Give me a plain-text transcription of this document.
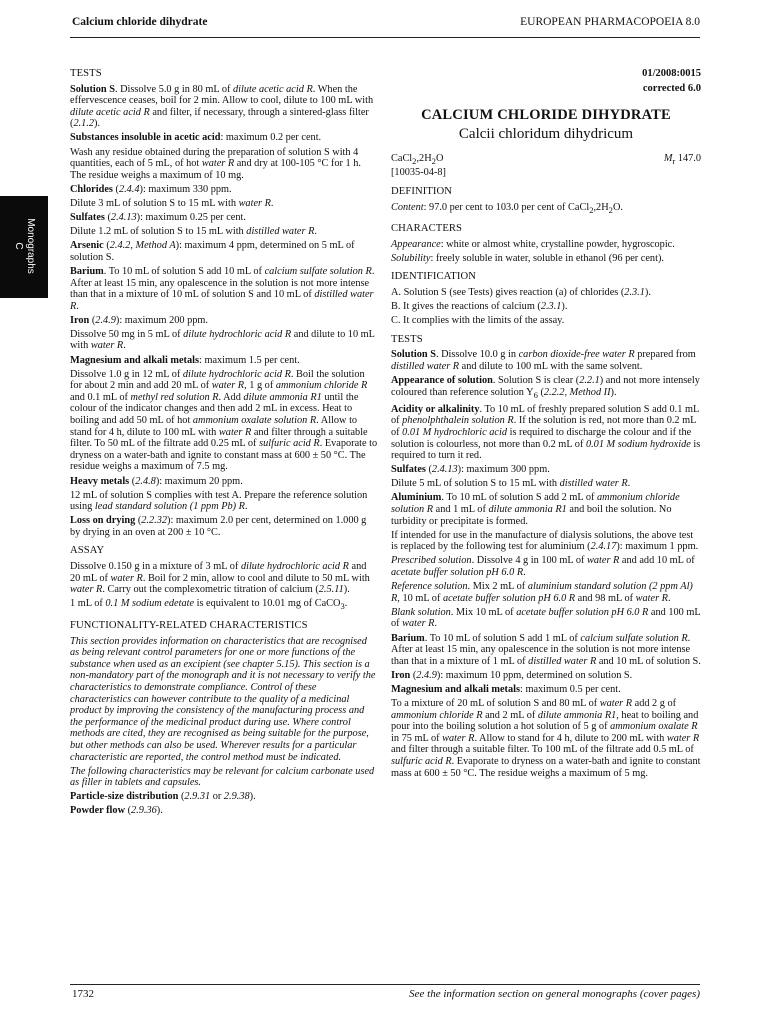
Calcium chloride dihydrate	EUROPEAN PHARMACOPOEIA 8.0
Monographs
C
TESTS

Solution S. Dissolve 5.0 g in 80 mL of dilute acetic acid R. When the effervescence ceases, boil for 2 min. Allow to cool, dilute to 100 mL with dilute acetic acid R and filter, if necessary, through a sintered-glass filter (2.1.2).

Substances insoluble in acetic acid: maximum 0.2 per cent.

Wash any residue obtained during the preparation of solution S with 4 quantities, each of 5 mL, of hot water R and dry at 100-105 °C for 1 h. The residue weighs a maximum of 10 mg.

Chlorides (2.4.4): maximum 330 ppm.

Dilute 3 mL of solution S to 15 mL with water R.

Sulfates (2.4.13): maximum 0.25 per cent.

Dilute 1.2 mL of solution S to 15 mL with distilled water R.

Arsenic (2.4.2, Method A): maximum 4 ppm, determined on 5 mL of solution S.

Barium. To 10 mL of solution S add 10 mL of calcium sulfate solution R. After at least 15 min, any opalescence in the solution is not more intense than that in a mixture of 10 mL of solution S and 10 mL of distilled water R.

Iron (2.4.9): maximum 200 ppm.

Dissolve 50 mg in 5 mL of dilute hydrochloric acid R and dilute to 10 mL with water R.

Magnesium and alkali metals: maximum 1.5 per cent.

Dissolve 1.0 g in 12 mL of dilute hydrochloric acid R. Boil the solution for about 2 min and add 20 mL of water R, 1 g of ammonium chloride R and 0.1 mL of methyl red solution R. Add dilute ammonia R1 until the colour of the indicator changes and then add 2 mL in excess. Heat to boiling and add 50 mL of hot ammonium oxalate solution R. Allow to stand for 4 h, dilute to 100 mL with water R and filter through a suitable filter. To 50 mL of the filtrate add 0.25 mL of sulfuric acid R. Evaporate to dryness on a water-bath and ignite to constant mass at 600 ± 50 °C. The residue weighs a maximum of 7.5 mg.

Heavy metals (2.4.8): maximum 20 ppm.

12 mL of solution S complies with test A. Prepare the reference solution using lead standard solution (1 ppm Pb) R.

Loss on drying (2.2.32): maximum 2.0 per cent, determined on 1.000 g by drying in an oven at 200 ± 10 °C.

ASSAY

Dissolve 0.150 g in a mixture of 3 mL of dilute hydrochloric acid R and 20 mL of water R. Boil for 2 min, allow to cool and dilute to 50 mL with water R. Carry out the complexometric titration of calcium (2.5.11).

1 mL of 0.1 M sodium edetate is equivalent to 10.01 mg of CaCO$_3$.

FUNCTIONALITY-RELATED CHARACTERISTICS

This section provides information on characteristics that are recognised as being relevant control parameters for one or more functions of the substance when used as an excipient (see chapter 5.15). This section is a non-mandatory part of the monograph and it is not necessary to verify the characteristics to demonstrate compliance. Control of these characteristics can however contribute to the quality of a medicinal product by improving the consistency of the manufacturing process and the performance of the medicinal product during use. Where control methods are cited, they are recognised as being suitable for the purpose, but other methods can also be used. Wherever results for a particular characteristic are reported, the control method must be indicated.

The following characteristics may be relevant for calcium carbonate used as filler in tablets and capsules.

Particle-size distribution (2.9.31 or 2.9.38).

Powder flow (2.9.36).

01/2008:0015

corrected 6.0

CALCIUM CHLORIDE DIHYDRATE
Calcii chloridum dihydricum
$CaCl_2,2H_2O$	$M_r$ 147.0

[10035-04-8]

DEFINITION

Content: 97.0 per cent to 103.0 per cent of $CaCl_2,2H_2O$.

CHARACTERS

Appearance: white or almost white, crystalline powder, hygroscopic.

Solubility: freely soluble in water, soluble in ethanol (96 per cent).

IDENTIFICATION

A. Solution S (see Tests) gives reaction (a) of chlorides (2.3.1).

B. It gives the reactions of calcium (2.3.1).

C. It complies with the limits of the assay.

TESTS

Solution S. Dissolve 10.0 g in carbon dioxide-free water R prepared from distilled water R and dilute to 100 mL with the same solvent.

Appearance of solution. Solution S is clear (2.2.1) and not more intensely coloured than reference solution $Y_6$ (2.2.2, Method II).

Acidity or alkalinity. To 10 mL of freshly prepared solution S add 0.1 mL of phenolphthalein solution R. If the solution is red, not more than 0.2 mL of 0.01 M hydrochloric acid is required to discharge the colour and if the solution is colourless, not more than 0.2 mL of 0.01 M sodium hydroxide is required to turn it red.

Sulfates (2.4.13): maximum 300 ppm.

Dilute 5 mL of solution S to 15 mL with distilled water R.

Aluminium. To 10 mL of solution S add 2 mL of ammonium chloride solution R and 1 mL of dilute ammonia R1 and boil the solution. No turbidity or precipitate is formed.

If intended for use in the manufacture of dialysis solutions, the above test is replaced by the following test for aluminium (2.4.17): maximum 1 ppm.

Prescribed solution. Dissolve 4 g in 100 mL of water R and add 10 mL of acetate buffer solution pH 6.0 R.

Reference solution. Mix 2 mL of aluminium standard solution (2 ppm Al) R, 10 mL of acetate buffer solution pH 6.0 R and 98 mL of water R.

Blank solution. Mix 10 mL of acetate buffer solution pH 6.0 R and 100 mL of water R.

Barium. To 10 mL of solution S add 1 mL of calcium sulfate solution R. After at least 15 min, any opalescence in the solution is not more intense than that in a mixture of 1 mL of distilled water R and 10 mL of solution S.

Iron (2.4.9): maximum 10 ppm, determined on solution S.

Magnesium and alkali metals: maximum 0.5 per cent.

To a mixture of 20 mL of solution S and 80 mL of water R add 2 g of ammonium chloride R and 2 mL of dilute ammonia R1, heat to boiling and pour into the boiling solution a hot solution of 5 g of ammonium oxalate R in 75 mL of water R. Allow to stand for 4 h, dilute to 200 mL with water R and filter through a suitable filter. To 100 mL of the filtrate add 0.5 mL of sulfuric acid R. Evaporate to dryness on a water-bath and ignite to constant mass at 600 ± 50 °C. The residue weighs a maximum of 5 mg.

1732	See the information section on general monographs (cover pages)
